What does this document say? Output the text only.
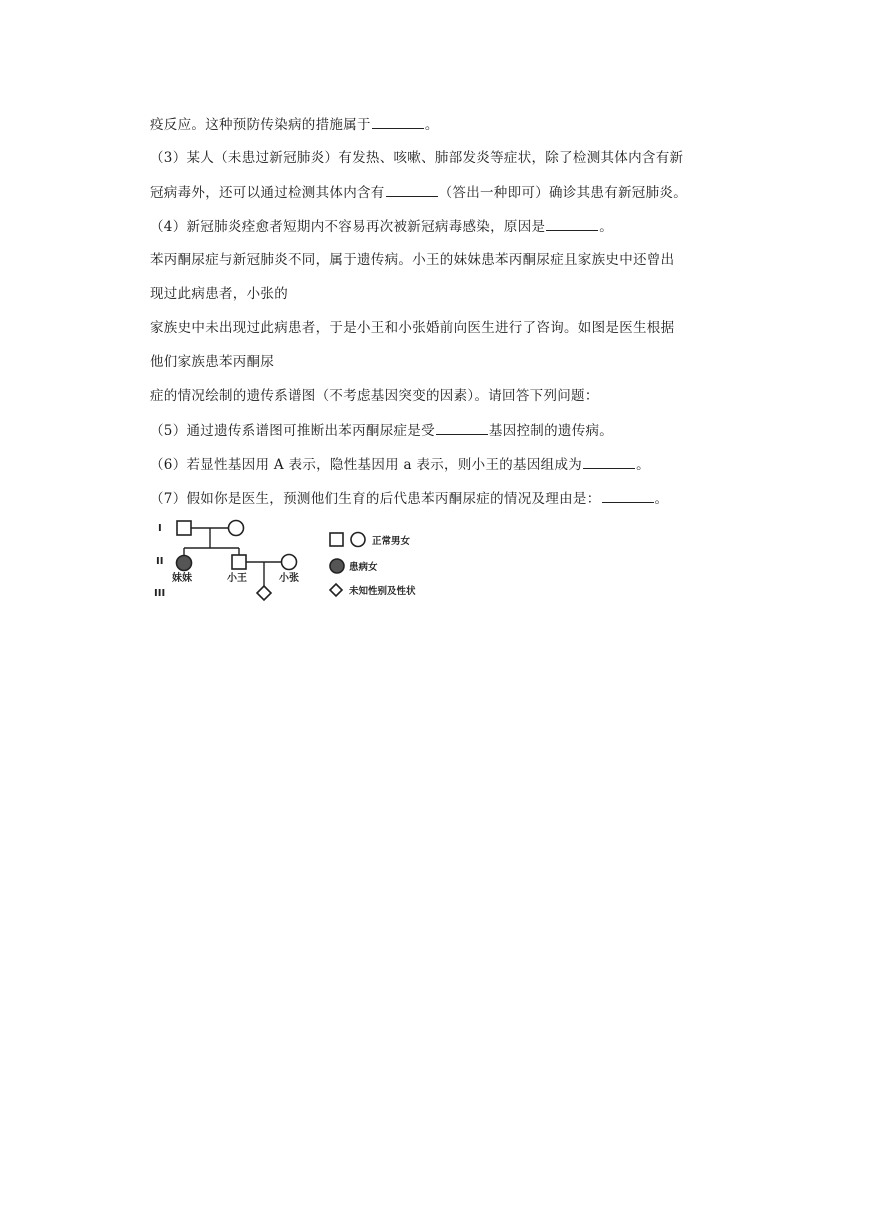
疫反应。这种预防传染病的措施属于	。
（3）某人（未患过新冠肺炎）有发热、咳嗽、肺部发炎等症状，除了检测其体内含有新
冠病毒外，还可以通过检测其体内含有	（答出一种即可）确诊其患有新冠肺炎。
（4）新冠肺炎痊愈者短期内不容易再次被新冠病毒感染，原因是	。
苯丙酮尿症与新冠肺炎不同，属于遗传病。小王的妹妹患苯丙酮尿症且家族史中还曾出
现过此病患者，小张的
家族史中未出现过此病患者，于是小王和小张婚前向医生进行了咨询。如图是医生根据
他们家族患苯丙酮尿
症的情况绘制的遗传系谱图（不考虑基因突变的因素）。请回答下列问题：
（5）通过遗传系谱图可推断出苯丙酮尿症是受	基因控制的遗传病。
（6）若显性基因用 A 表示，隐性基因用 a 表示，则小王的基因组成为	。
（7）假如你是医生，预测他们生育的后代患苯丙酮尿症的情况及理由是：	。
I
II
III
妹妹	小王	小张
正常男女
患病女
未知性别及性状
